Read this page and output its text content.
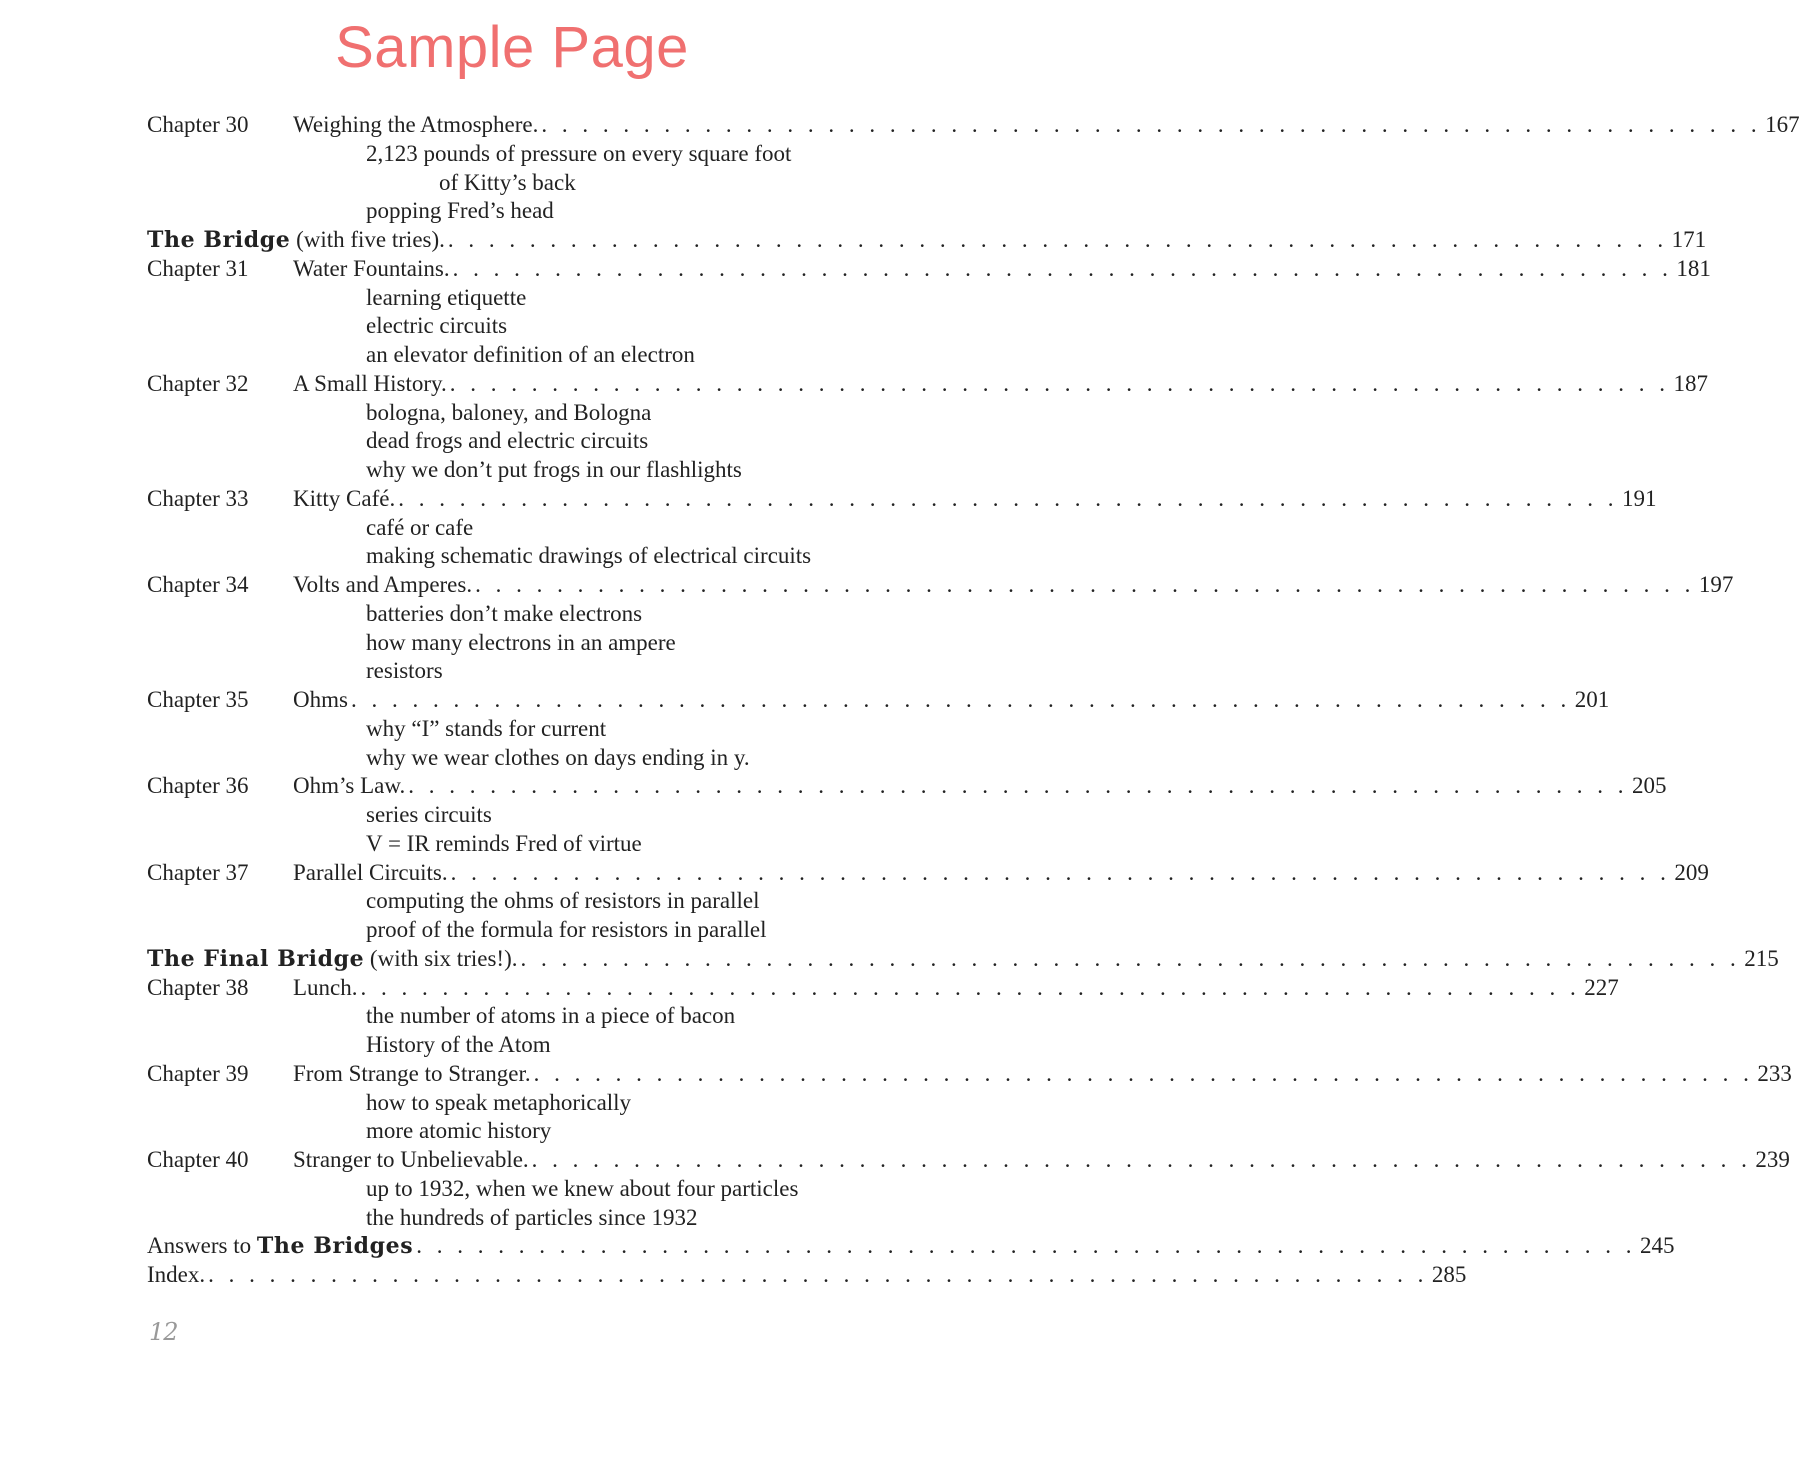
Sample Page
Chapter 30	Weighing the Atmosphere. . . . . . . . . . . . . . . . . . . . . . . . . . . . . . . . . . . . . . . . . . . . . . . . . . . . . . . . . . . . . 167
2,123 pounds of pressure on every square foot
of Kitty’s back
popping Fred’s head
The Bridge (with five tries). . . . . . . . . . . . . . . . . . . . . . . . . . . . . . . . . . . . . . . . . . . . . . . . . . . . . . . . . . . . . 171
Chapter 31	Water Fountains. . . . . . . . . . . . . . . . . . . . . . . . . . . . . . . . . . . . . . . . . . . . . . . . . . . . . . . . . . . . . 181
learning etiquette
electric circuits
an elevator definition of an electron
Chapter 32	A Small History. . . . . . . . . . . . . . . . . . . . . . . . . . . . . . . . . . . . . . . . . . . . . . . . . . . . . . . . . . . . . 187
bologna, baloney, and Bologna
dead frogs and electric circuits
why we don’t put frogs in our flashlights
Chapter 33	Kitty Café. . . . . . . . . . . . . . . . . . . . . . . . . . . . . . . . . . . . . . . . . . . . . . . . . . . . . . . . . . . . . 191
café or cafe
making schematic drawings of electrical circuits
Chapter 34	Volts and Amperes. . . . . . . . . . . . . . . . . . . . . . . . . . . . . . . . . . . . . . . . . . . . . . . . . . . . . . . . . . . . . 197
batteries don’t make electrons
how many electrons in an ampere
resistors
Chapter 35	Ohms . . . . . . . . . . . . . . . . . . . . . . . . . . . . . . . . . . . . . . . . . . . . . . . . . . . . . . . . . . . . 201
why “I” stands for current
why we wear clothes on days ending in y.
Chapter 36	Ohm’s Law. . . . . . . . . . . . . . . . . . . . . . . . . . . . . . . . . . . . . . . . . . . . . . . . . . . . . . . . . . . . . 205
series circuits
V = IR reminds Fred of virtue
Chapter 37	Parallel Circuits. . . . . . . . . . . . . . . . . . . . . . . . . . . . . . . . . . . . . . . . . . . . . . . . . . . . . . . . . . . . . 209
computing the ohms of resistors in parallel
proof of the formula for resistors in parallel
The Final Bridge (with six tries!). . . . . . . . . . . . . . . . . . . . . . . . . . . . . . . . . . . . . . . . . . . . . . . . . . . . . . . . . . . . . 215
Chapter 38	Lunch. . . . . . . . . . . . . . . . . . . . . . . . . . . . . . . . . . . . . . . . . . . . . . . . . . . . . . . . . . . . . 227
the number of atoms in a piece of bacon
History of the Atom
Chapter 39	From Strange to Stranger. . . . . . . . . . . . . . . . . . . . . . . . . . . . . . . . . . . . . . . . . . . . . . . . . . . . . . . . . . . . . 233
how to speak metaphorically
more atomic history
Chapter 40	Stranger to Unbelievable. . . . . . . . . . . . . . . . . . . . . . . . . . . . . . . . . . . . . . . . . . . . . . . . . . . . . . . . . . . . . 239
up to 1932, when we knew about four particles
the hundreds of particles since 1932
Answers to The Bridges . . . . . . . . . . . . . . . . . . . . . . . . . . . . . . . . . . . . . . . . . . . . . . . . . . . . . . . . . . . . 245
Index. . . . . . . . . . . . . . . . . . . . . . . . . . . . . . . . . . . . . . . . . . . . . . . . . . . . . . . . . . . . . 285
12
